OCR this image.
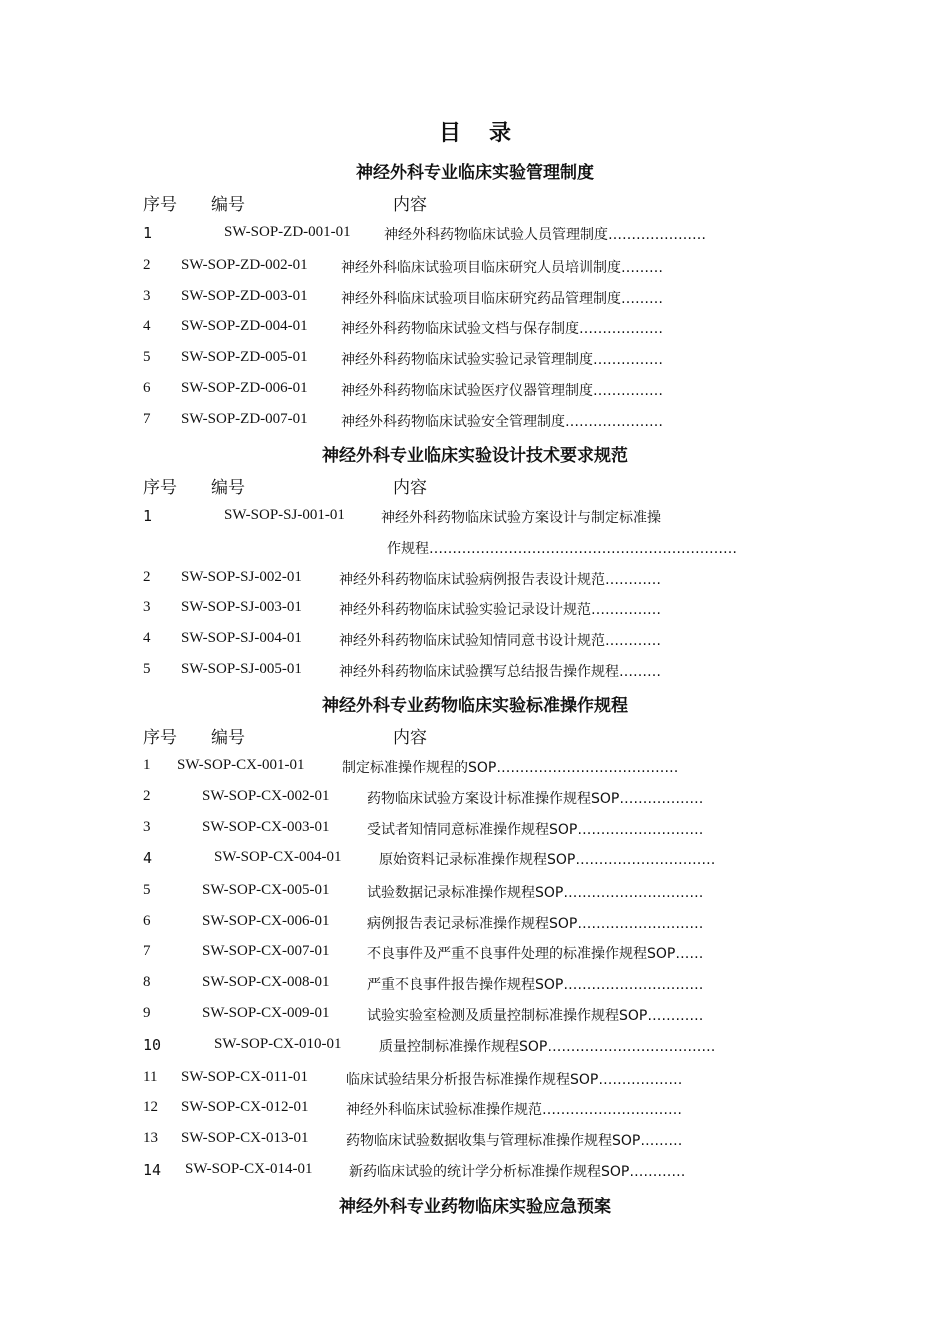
目录
神经外科专业临床实验管理制度
序号 编号	内容
1	SW-SOP-ZD-001-01 神经外科药物临床试验人员管理制度…………………
2 SW-SOP-ZD-002-01 神经外科临床试验项目临床研究人员培训制度………
3 SW-SOP-ZD-003-01 神经外科临床试验项目临床研究药品管理制度………
4 SW-SOP-ZD-004-01 神经外科药物临床试验文档与保存制度………………
5 SW-SOP-ZD-005-01 神经外科药物临床试验实验记录管理制度……………
6 SW-SOP-ZD-006-01 神经外科药物临床试验医疗仪器管理制度……………
7 SW-SOP-ZD-007-01 神经外科药物临床试验安全管理制度…………………
神经外科专业临床实验设计技术要求规范
序号 编号	内容
1	SW-SOP-SJ-001-01	神经外科药物临床试验方案设计与制定标准操
作规程…………………………………………………………
2 SW-SOP-SJ-002-01	神经外科药物临床试验病例报告表设计规范…………
3 SW-SOP-SJ-003-01	神经外科药物临床试验实验记录设计规范……………
4 SW-SOP-SJ-004-01	神经外科药物临床试验知情同意书设计规范…………
5 SW-SOP-SJ-005-01	神经外科药物临床试验撰写总结报告操作规程………
神经外科专业药物临床实验标准操作规程
序号 编号	内容
1 SW-SOP-CX-001-01	制定标准操作规程的SOP…………………………………
2	SW-SOP-CX-002-01	药物临床试验方案设计标准操作规程SOP………………
3	SW-SOP-CX-003-01	受试者知情同意标准操作规程SOP………………………
4	SW-SOP-CX-004-01	原始资料记录标准操作规程SOP…………………………
5	SW-SOP-CX-005-01	试验数据记录标准操作规程SOP…………………………
6	SW-SOP-CX-006-01	病例报告表记录标准操作规程SOP………………………
7	SW-SOP-CX-007-01	不良事件及严重不良事件处理的标准操作规程SOP……
8	SW-SOP-CX-008-01	严重不良事件报告操作规程SOP…………………………
9	SW-SOP-CX-009-01	试验实验室检测及质量控制标准操作规程SOP…………
10	SW-SOP-CX-010-01	质量控制标准操作规程SOP………………………………
11 SW-SOP-CX-011-01	临床试验结果分析报告标准操作规程SOP………………
12 SW-SOP-CX-012-01	神经外科临床试验标准操作规范…………………………
13 SW-SOP-CX-013-01	药物临床试验数据收集与管理标准操作规程SOP………
14 SW-SOP-CX-014-01	新药临床试验的统计学分析标准操作规程SOP…………
神经外科专业药物临床实验应急预案
